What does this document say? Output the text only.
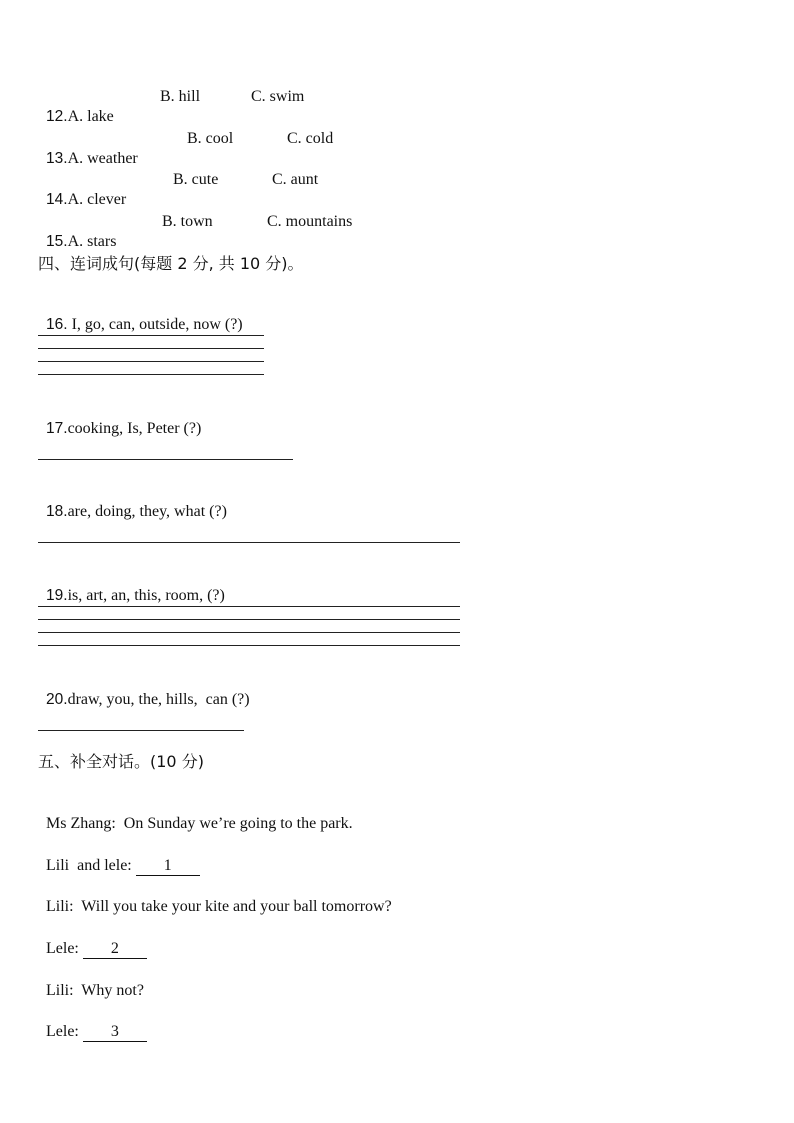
12.A. lake

B. hill

	C. swim

13.A. weather

B. cool

	C. cold

14.A. clever

B. cute

	C. aunt

15.A. stars

B. town

	C. mountains

四、连词成句(每题 2 分, 共 10 分)。

16. I, go, can, outside, now (?)

17.cooking, Is, Peter (?)

18.are, doing, they, what (?)

19.is, art, an, this, room, (?)

20.draw, you, the, hills,  can (?)

五、补全对话。(10 分)

Ms Zhang: On Sunday we’re going to the park.

Lili  and lele: 1

Lili: Will you take your kite and your ball tomorrow?

Lele: 2

Lili: Why not?

Lele: 3
